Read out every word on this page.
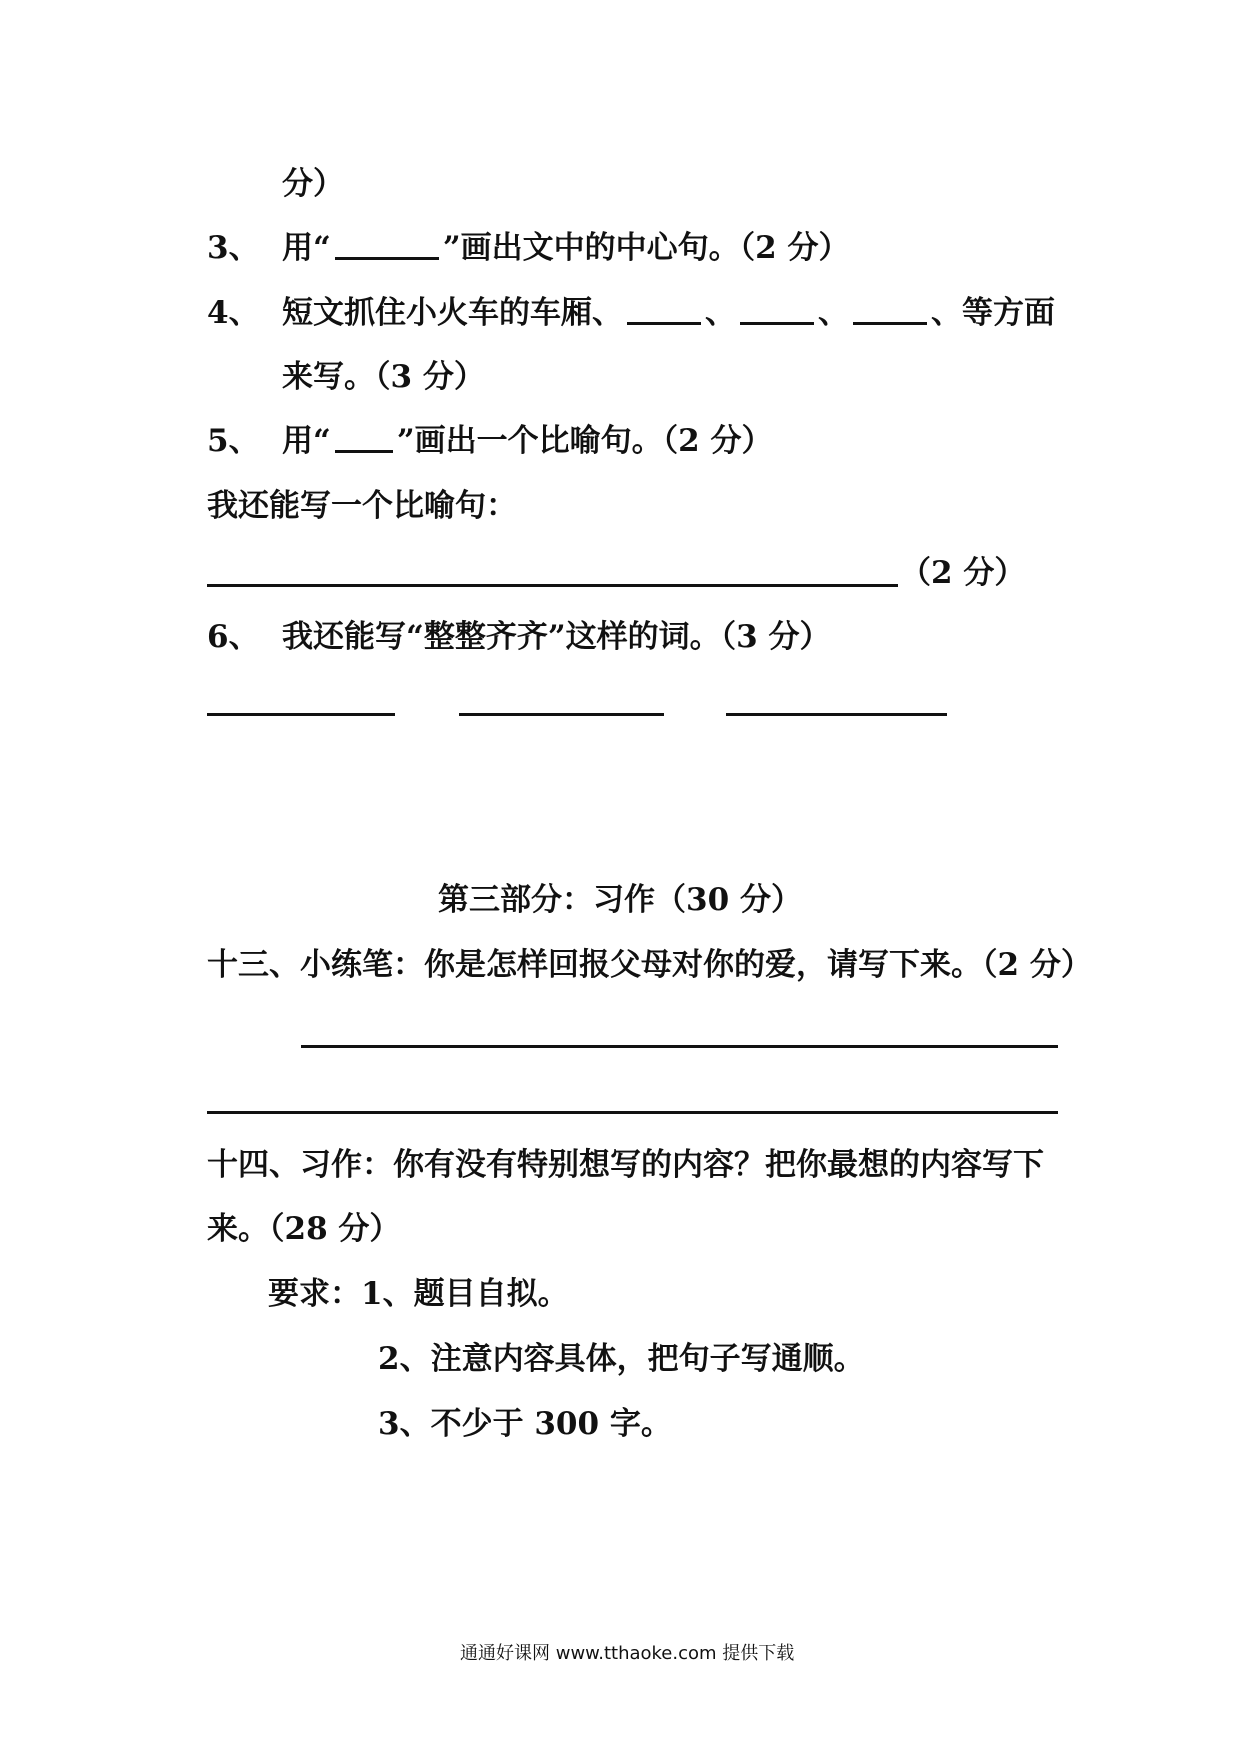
分）
3、 用“	”画出文中的中心句。（2 分）
4、 短文抓住小火车的车厢、	、	、	、等方面
来写。（3 分）
5、 用“ ”画出一个比喻句。（2 分）
我还能写一个比喻句：
（2 分）
6、 我还能写“整整齐齐”这样的词。（3 分）
第三部分：习作（30 分）
十三、小练笔：你是怎样回报父母对你的爱，请写下来。（2 分）
十四、习作：你有没有特别想写的内容？把你最想的内容写下
来。（28 分）
要求：1、题目自拟。
2、注意内容具体，把句子写通顺。
3、不少于 300 字。
通通好课网 www.tthaoke.com 提供下载
